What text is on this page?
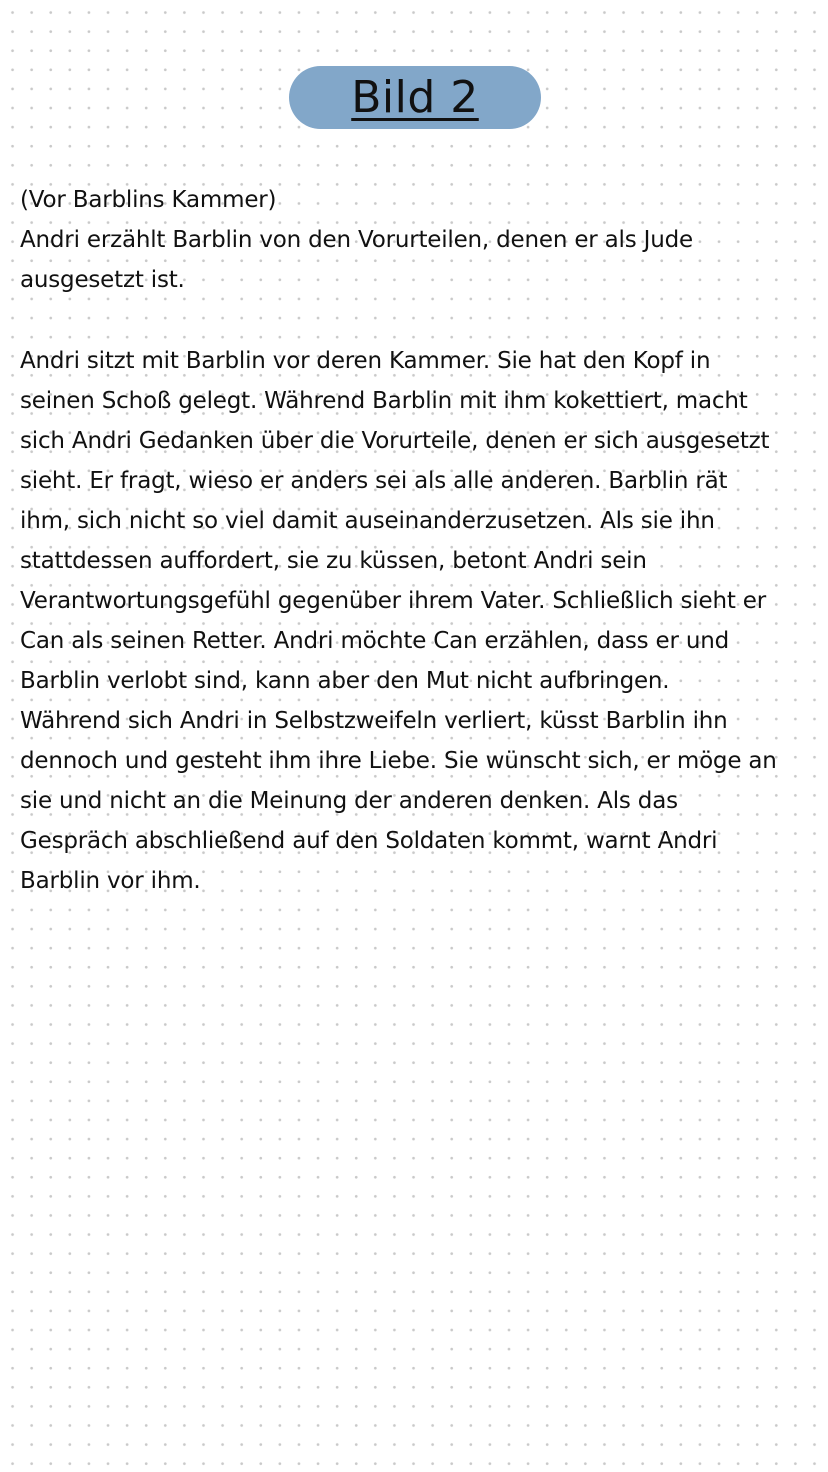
Bild 2
(Vor Barblins Kammer)
Andri erzählt Barblin von den Vorurteilen, denen er als Jude
ausgesetzt ist.
Andri sitzt mit Barblin vor deren Kammer. Sie hat den Kopf in
seinen Schoß gelegt. Während Barblin mit ihm kokettiert, macht
sich Andri Gedanken über die Vorurteile, denen er sich ausgesetzt
sieht. Er fragt, wieso er anders sei als alle anderen. Barblin rät
ihm, sich nicht so viel damit auseinanderzusetzen. Als sie ihn
stattdessen auffordert, sie zu küssen, betont Andri sein
Verantwortungsgefühl gegenüber ihrem Vater. Schließlich sieht er
Can als seinen Retter. Andri möchte Can erzählen, dass er und
Barblin verlobt sind, kann aber den Mut nicht aufbringen.
Während sich Andri in Selbstzweifeln verliert, küsst Barblin ihn
dennoch und gesteht ihm ihre Liebe. Sie wünscht sich, er möge an
sie und nicht an die Meinung der anderen denken. Als das
Gespräch abschließend auf den Soldaten kommt, warnt Andri
Barblin vor ihm.
